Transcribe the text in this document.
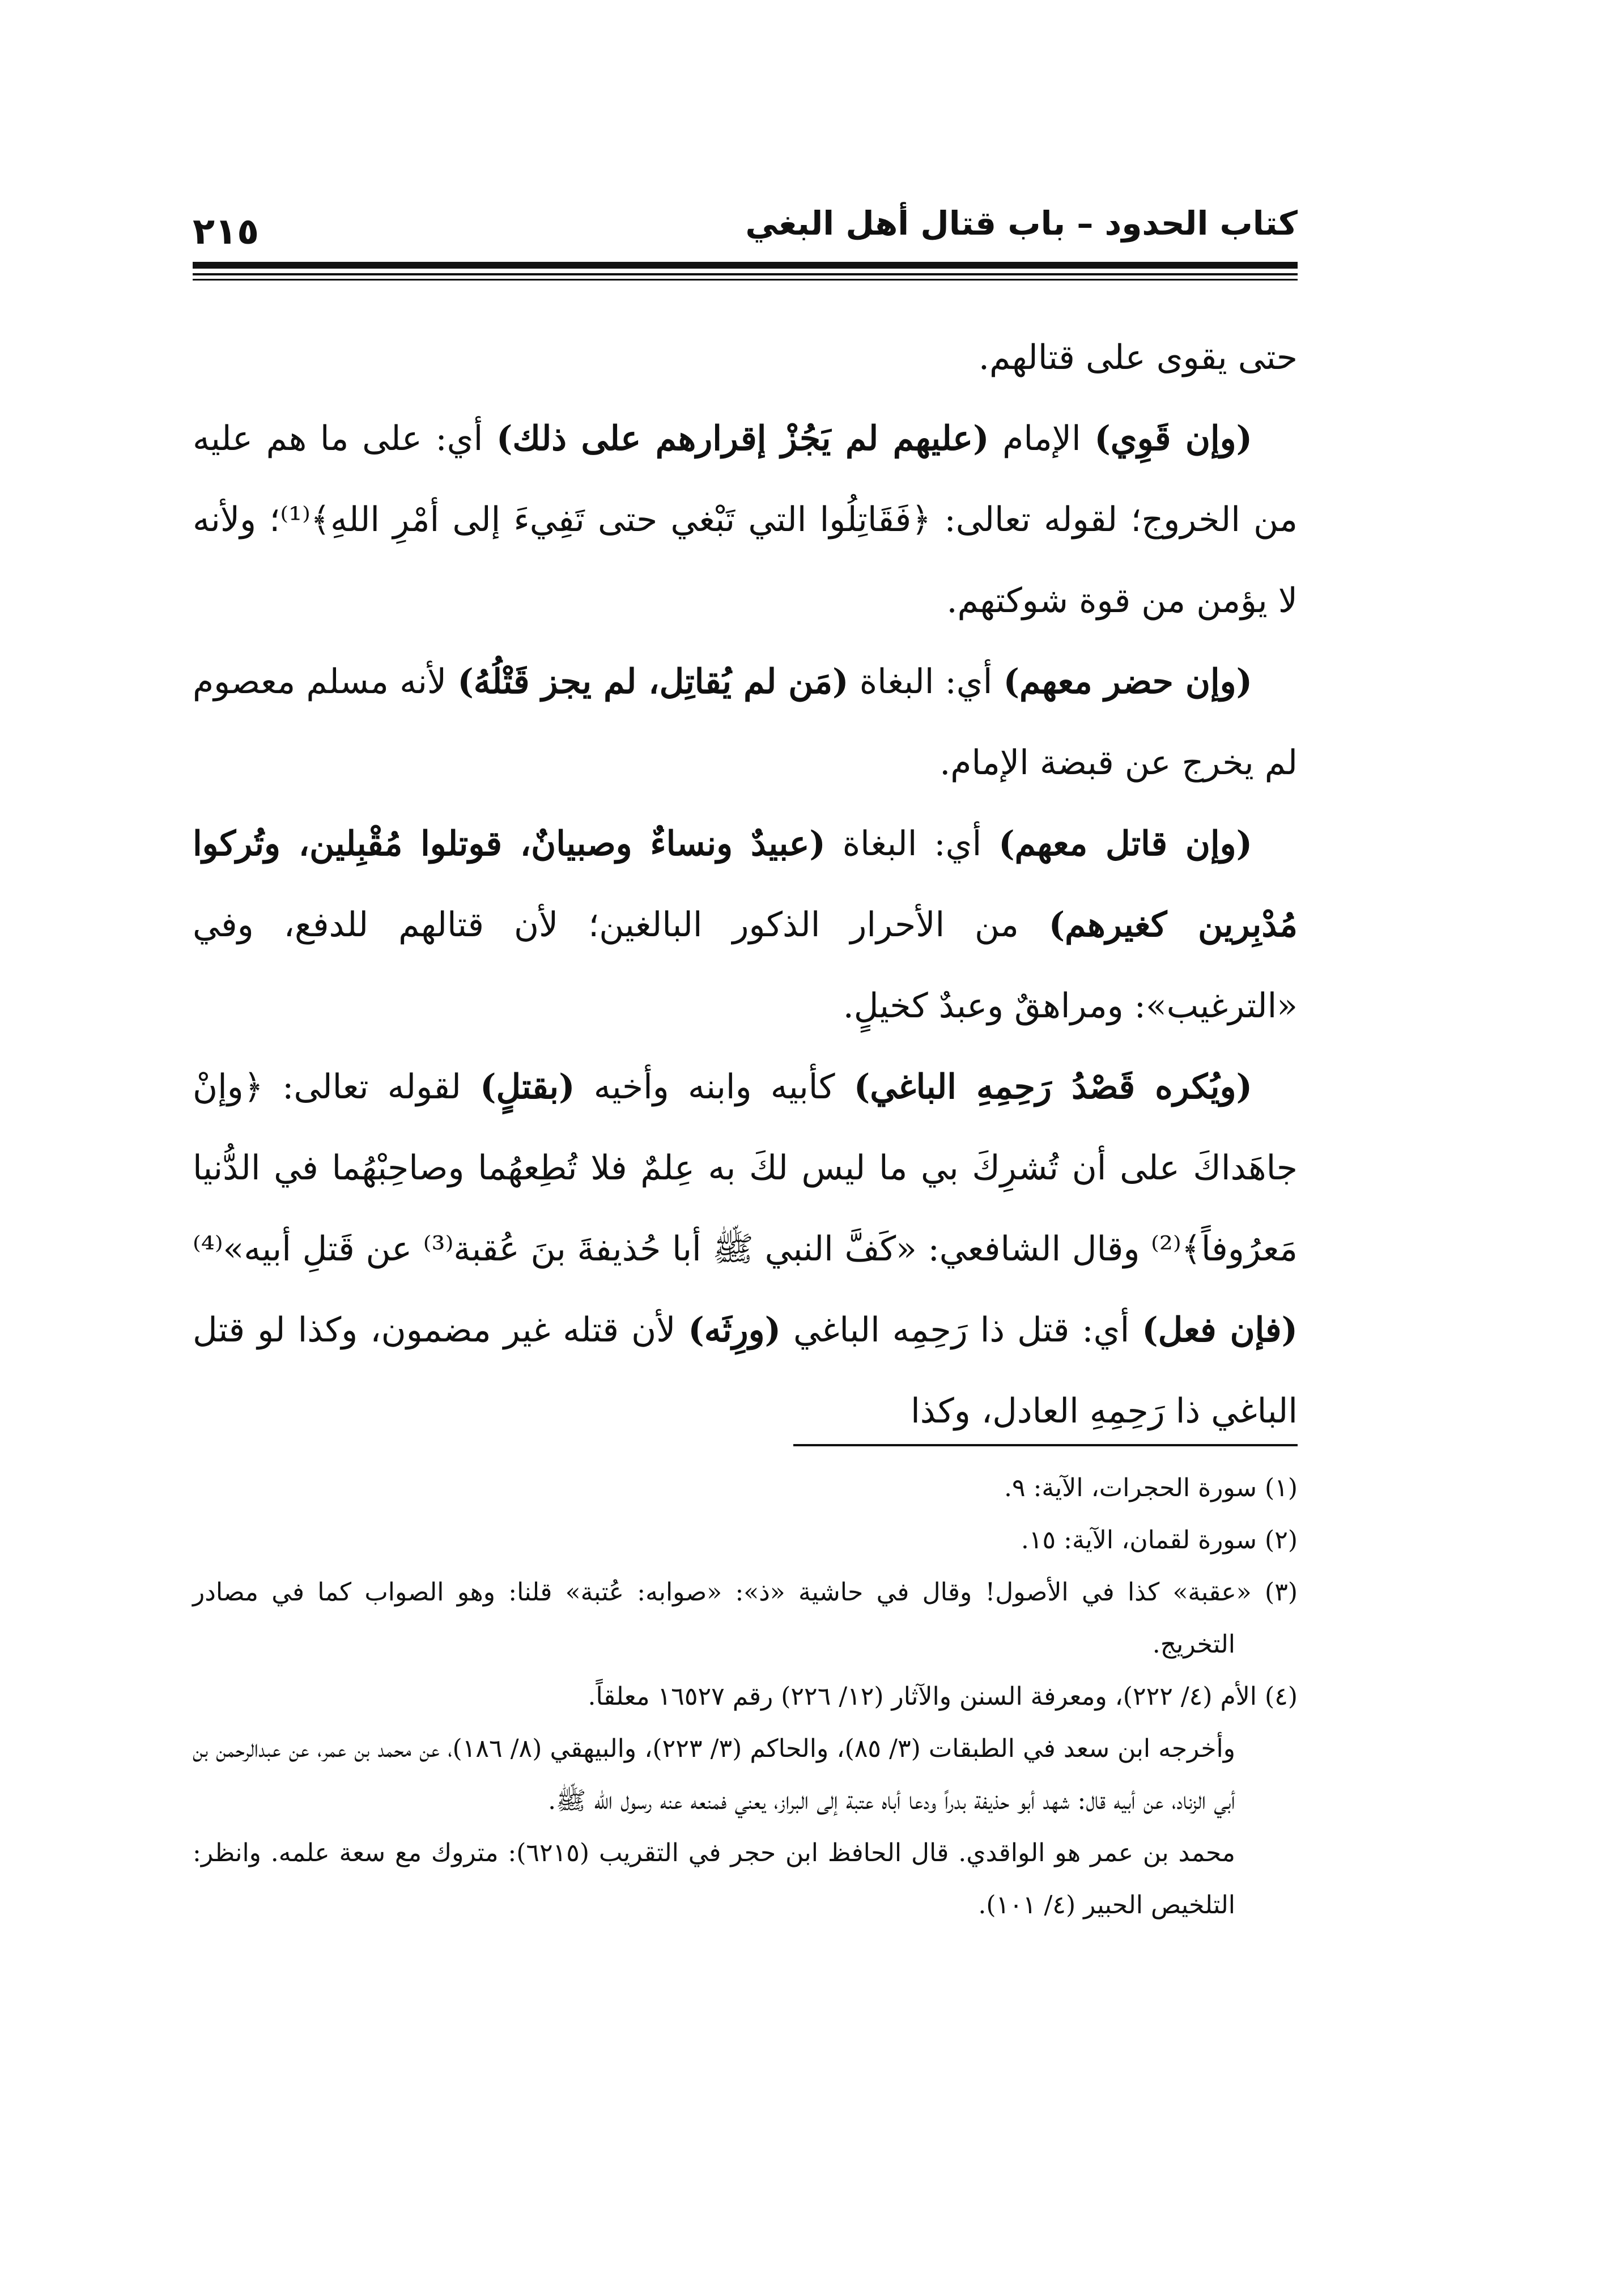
٢١٥	كتاب الحدود – باب قتال أهل البغي

حتى يقوى على قتالهم.

(وإن قَوِي) الإمام (عليهم لم يَجُزْ إقرارهم على ذلك) أي: على ما هم عليه من الخروج؛ لقوله تعالى: ﴿فَقَاتِلُوا التي تَبْغي حتى تَفِيءَ إلى أمْرِ اللهِ﴾⁽¹⁾؛ ولأنه لا يؤمن من قوة شوكتهم.

(وإن حضر معهم) أي: البغاة (مَن لم يُقاتِل، لم يجز قَتْلُهُ) لأنه مسلم معصوم لم يخرج عن قبضة الإمام.

(وإن قاتل معهم) أي: البغاة (عبيدٌ ونساءٌ وصبيانٌ، قوتلوا مُقْبِلين، وتُركوا مُدْبِرين كغيرهم) من الأحرار الذكور البالغين؛ لأن قتالهم للدفع، وفي «الترغيب»: ومراهقٌ وعبدٌ كخيلٍ.

(ويُكره قَصْدُ رَحِمِهِ الباغي) كأبيه وابنه وأخيه (بقتلٍ) لقوله تعالى: ﴿وإنْ جاهَداكَ على أن تُشرِكَ بي ما ليس لكَ به عِلمٌ فلا تُطِعهُما وصاحِبْهُما في الدُّنيا مَعرُوفاً﴾⁽²⁾ وقال الشافعي: «كَفَّ النبي ﷺ أبا حُذيفةَ بنَ عُقبة⁽³⁾ عن قَتلِ أبيه»⁽⁴⁾ (فإن فعل) أي: قتل ذا رَحِمِه الباغي (ورِثَه) لأن قتله غير مضمون، وكذا لو قتل الباغي ذا رَحِمِهِ العادل، وكذا

(١) سورة الحجرات، الآية: ٩.

(٢) سورة لقمان، الآية: ١٥.

(٣) «عقبة» كذا في الأصول! وقال في حاشية «ذ»: «صوابه: عُتبة» قلنا: وهو الصواب كما في مصادر التخريج.

(٤) الأم (٤/ ٢٢٢)، ومعرفة السنن والآثار (١٢/ ٢٢٦) رقم ١٦٥٢٧ معلقاً.

وأخرجه ابن سعد في الطبقات (٣/ ٨٥)، والحاكم (٣/ ٢٢٣)، والبيهقي (٨/ ١٨٦)، عن محمد بن عمر، عن عبدالرحمن بن أبي الزناد، عن أبيه قال: شهد أبو حذيفة بدراً ودعا أباه عتبة إلى البراز، يعني فمنعه عنه رسول الله ﷺ.

محمد بن عمر هو الواقدي. قال الحافظ ابن حجر في التقريب (٦٢١٥): متروك مع سعة علمه. وانظر: التلخيص الحبير (٤/ ١٠١).
